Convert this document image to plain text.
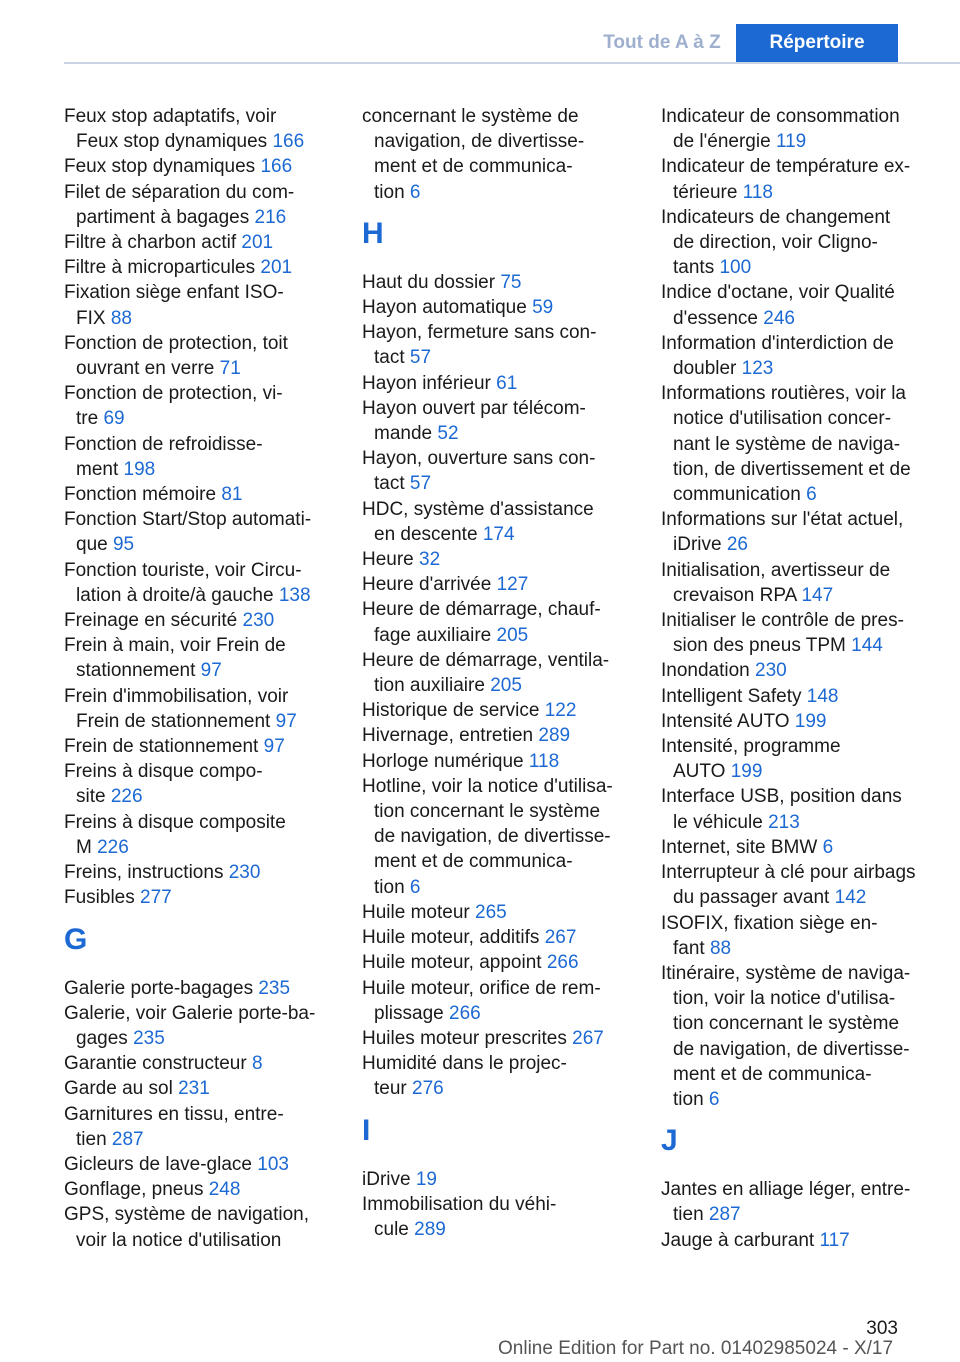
Tout de A à Z	Répertoire
Feux stop adaptatifs, voir
Feux stop dynamiques 166
Feux stop dynamiques 166
Filet de séparation du com-
partiment à bagages 216
Filtre à charbon actif 201
Filtre à microparticules 201
Fixation siège enfant ISO-
FIX 88
Fonction de protection, toit
ouvrant en verre 71
Fonction de protection, vi-
tre 69
Fonction de refroidisse-
ment 198
Fonction mémoire 81
Fonction Start/Stop automati-
que 95
Fonction touriste, voir Circu-
lation à droite/à gauche 138
Freinage en sécurité 230
Frein à main, voir Frein de
stationnement 97
Frein d'immobilisation, voir
Frein de stationnement 97
Frein de stationnement 97
Freins à disque compo-
site 226
Freins à disque composite
M 226
Freins, instructions 230
Fusibles 277
G
Galerie porte-bagages 235
Galerie, voir Galerie porte-ba-
gages 235
Garantie constructeur 8
Garde au sol 231
Garnitures en tissu, entre-
tien 287
Gicleurs de lave-glace 103
Gonflage, pneus 248
GPS, système de navigation,
voir la notice d'utilisation
concernant le système de
navigation, de divertisse-
ment et de communica-
tion 6
H
Haut du dossier 75
Hayon automatique 59
Hayon, fermeture sans con-
tact 57
Hayon inférieur 61
Hayon ouvert par télécom-
mande 52
Hayon, ouverture sans con-
tact 57
HDC, système d'assistance
en descente 174
Heure 32
Heure d'arrivée 127
Heure de démarrage, chauf-
fage auxiliaire 205
Heure de démarrage, ventila-
tion auxiliaire 205
Historique de service 122
Hivernage, entretien 289
Horloge numérique 118
Hotline, voir la notice d'utilisa-
tion concernant le système
de navigation, de divertisse-
ment et de communica-
tion 6
Huile moteur 265
Huile moteur, additifs 267
Huile moteur, appoint 266
Huile moteur, orifice de rem-
plissage 266
Huiles moteur prescrites 267
Humidité dans le projec-
teur 276
I
iDrive 19
Immobilisation du véhi-
cule 289
Indicateur de consommation
de l'énergie 119
Indicateur de température ex-
térieure 118
Indicateurs de changement
de direction, voir Cligno-
tants 100
Indice d'octane, voir Qualité
d'essence 246
Information d'interdiction de
doubler 123
Informations routières, voir la
notice d'utilisation concer-
nant le système de naviga-
tion, de divertissement et de
communication 6
Informations sur l'état actuel,
iDrive 26
Initialisation, avertisseur de
crevaison RPA 147
Initialiser le contrôle de pres-
sion des pneus TPM 144
Inondation 230
Intelligent Safety 148
Intensité AUTO 199
Intensité, programme
AUTO 199
Interface USB, position dans
le véhicule 213
Internet, site BMW 6
Interrupteur à clé pour airbags
du passager avant 142
ISOFIX, fixation siège en-
fant 88
Itinéraire, système de naviga-
tion, voir la notice d'utilisa-
tion concernant le système
de navigation, de divertisse-
ment et de communica-
tion 6
J
Jantes en alliage léger, entre-
tien 287
Jauge à carburant 117
303
Online Edition for Part no. 01402985024 - X/17
